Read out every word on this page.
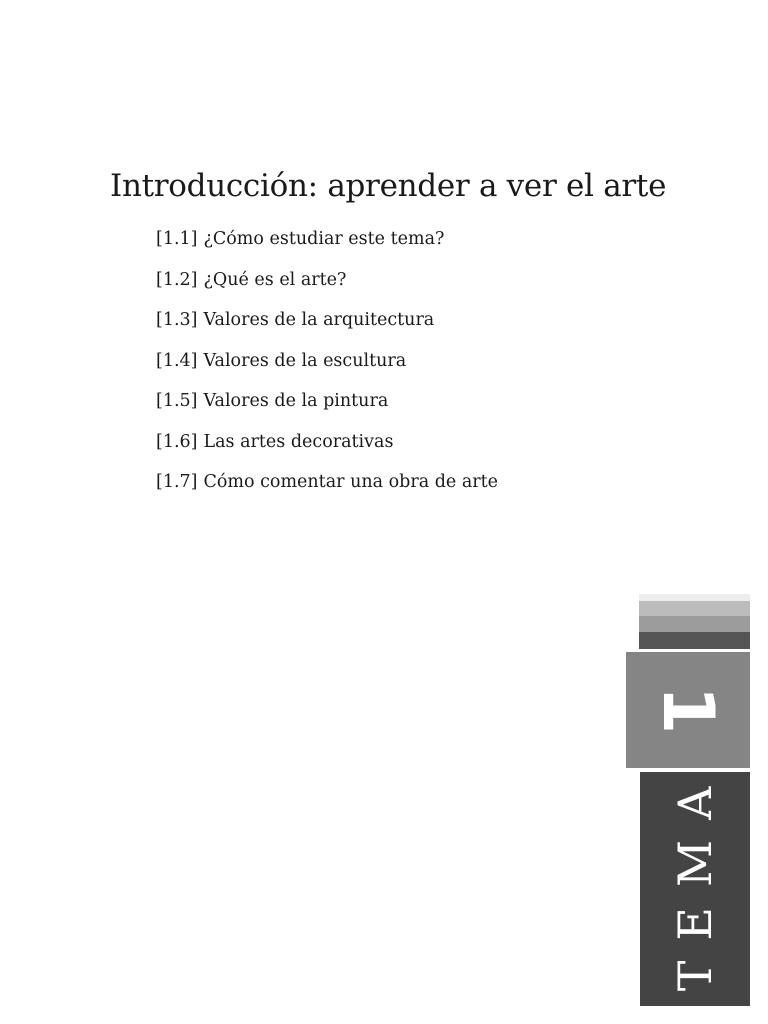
Introducción: aprender a ver el arte
[1.1] ¿Cómo estudiar este tema?
[1.2] ¿Qué es el arte?
[1.3] Valores de la arquitectura
[1.4] Valores de la escultura
[1.5] Valores de la pintura
[1.6] Las artes decorativas
[1.7] Cómo comentar una obra de arte
1
TEMA
